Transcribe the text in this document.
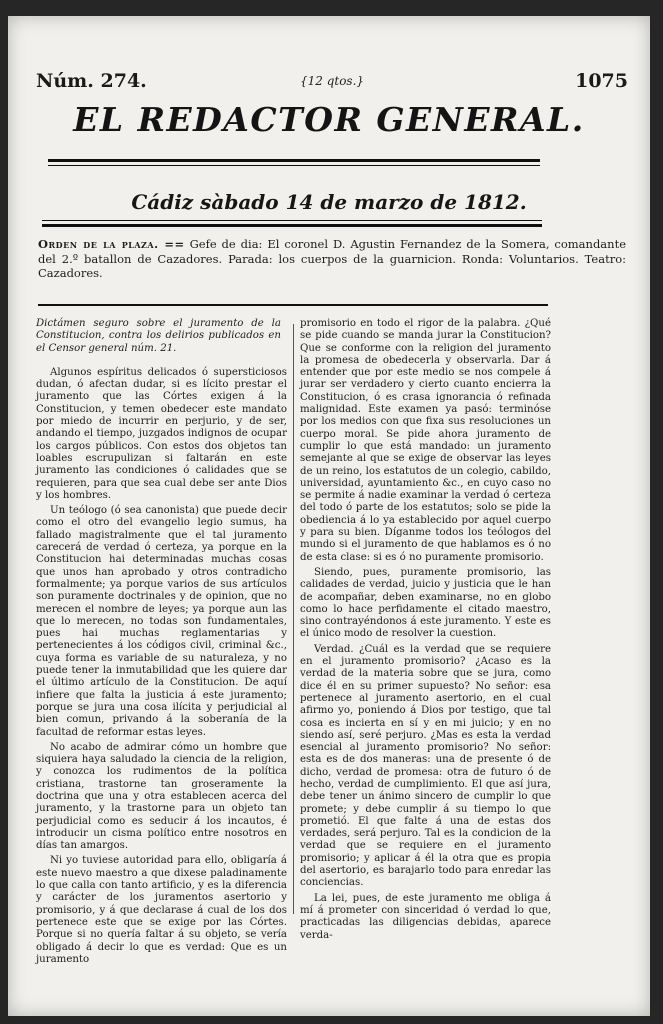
Núm. 274.	{12 qtos.}	1075
EL REDACTOR GENERAL.
Cádiz sàbado 14 de marzo de 1812.
Orden de la plaza. == Gefe de dia: El coronel D. Agustin Fernandez de la Somera, comandante del 2.º batallon de Cazadores. Parada: los cuerpos de la guarnicion. Ronda: Voluntarios. Teatro: Cazadores.

Dictámen seguro sobre el juramento de la Constitucion, contra los delirios publicados en el Censor general núm. 21.

Algunos espíritus delicados ó supersticiosos dudan, ó afectan dudar, si es lícito prestar el juramento que las Córtes exigen á la Constitucion, y temen obedecer este mandato por miedo de incurrir en perjurio, y de ser, andando el tiempo, juzgados indignos de ocupar los cargos públicos. Con estos dos objetos tan loables escrupulizan si faltarán en este juramento las condiciones ó calidades que se requieren, para que sea cual debe ser ante Dios y los hombres.

Un teólogo (ó sea canonista) que puede decir como el otro del evangelio legio sumus, ha fallado magistralmente que el tal juramento carecerá de verdad ó certeza, ya porque en la Constitucion hai determinadas muchas cosas que unos han aprobado y otros contradicho formalmente; ya porque varios de sus artículos son puramente doctrinales y de opinion, que no merecen el nombre de leyes; ya porque aun las que lo merecen, no todas son fundamentales, pues hai muchas reglamentarias y pertenecientes á los códigos civil, criminal &c., cuya forma es variable de su naturaleza, y no puede tener la inmutabilidad que les quiere dar el último artículo de la Constitucion. De aquí infiere que falta la justicia á este juramento; porque se jura una cosa ilícita y perjudicial al bien comun, privando á la soberanía de la facultad de reformar estas leyes.

No acabo de admirar cómo un hombre que siquiera haya saludado la ciencia de la religion, y conozca los rudimentos de la política cristiana, trastorne tan groseramente la doctrina que una y otra establecen acerca del juramento, y la trastorne para un objeto tan perjudicial como es seducir á los incautos, é introducir un cisma político entre nosotros en días tan amargos.

Ni yo tuviese autoridad para ello, obligaría á este nuevo maestro a que dixese paladinamente lo que calla con tanto artificio, y es la diferencia y carácter de los juramentos asertorio y promisorio, y á que declarase á cual de los dos pertenece este que se exige por las Córtes. Porque si no quería faltar á su objeto, se vería obligado á decir lo que es verdad: Que es un juramento

promisorio en todo el rigor de la palabra. ¿Qué se pide cuando se manda jurar la Constitucion? Que se conforme con la religion del juramento la promesa de obedecerla y observarla. Dar á entender que por este medio se nos compele á jurar ser verdadero y cierto cuanto encierra la Constitucion, ó es crasa ignorancia ó refinada malignidad. Este examen ya pasó: terminóse por los medios con que fixa sus resoluciones un cuerpo moral. Se pide ahora juramento de cumplir lo que está mandado: un juramento semejante al que se exige de observar las leyes de un reino, los estatutos de un colegio, cabildo, universidad, ayuntamiento &c., en cuyo caso no se permite á nadie examinar la verdad ó certeza del todo ó parte de los estatutos; solo se pide la obediencia á lo ya establecido por aquel cuerpo y para su bien. Díganme todos los teólogos del mundo si el juramento de que hablamos es ó no de esta clase: si es ó no puramente promisorio.

Siendo, pues, puramente promisorio, las calidades de verdad, juicio y justicia que le han de acompañar, deben examinarse, no en globo como lo hace perfidamente el citado maestro, sino contrayéndonos á este juramento. Y este es el único modo de resolver la cuestion.

Verdad. ¿Cuál es la verdad que se requiere en el juramento promisorio? ¿Acaso es la verdad de la materia sobre que se jura, como dice él en su primer supuesto? No señor: esa pertenece al juramento asertorio, en el cual afirmo yo, poniendo á Dios por testigo, que tal cosa es incierta en sí y en mi juicio; y en no siendo así, seré perjuro. ¿Mas es esta la verdad esencial al juramento promisorio? No señor: esta es de dos maneras: una de presente ó de dicho, verdad de promesa: otra de futuro ó de hecho, verdad de cumplimiento. El que así jura, debe tener un ánimo sincero de cumplir lo que promete; y debe cumplir á su tiempo lo que prometió. El que falte á una de estas dos verdades, será perjuro. Tal es la condicion de la verdad que se requiere en el juramento promisorio; y aplicar á él la otra que es propia del asertorio, es barajarlo todo para enredar las conciencias.

La lei, pues, de este juramento me obliga á mí á prometer con sinceridad ó verdad lo que, practicadas las diligencias debidas, aparece verda-
